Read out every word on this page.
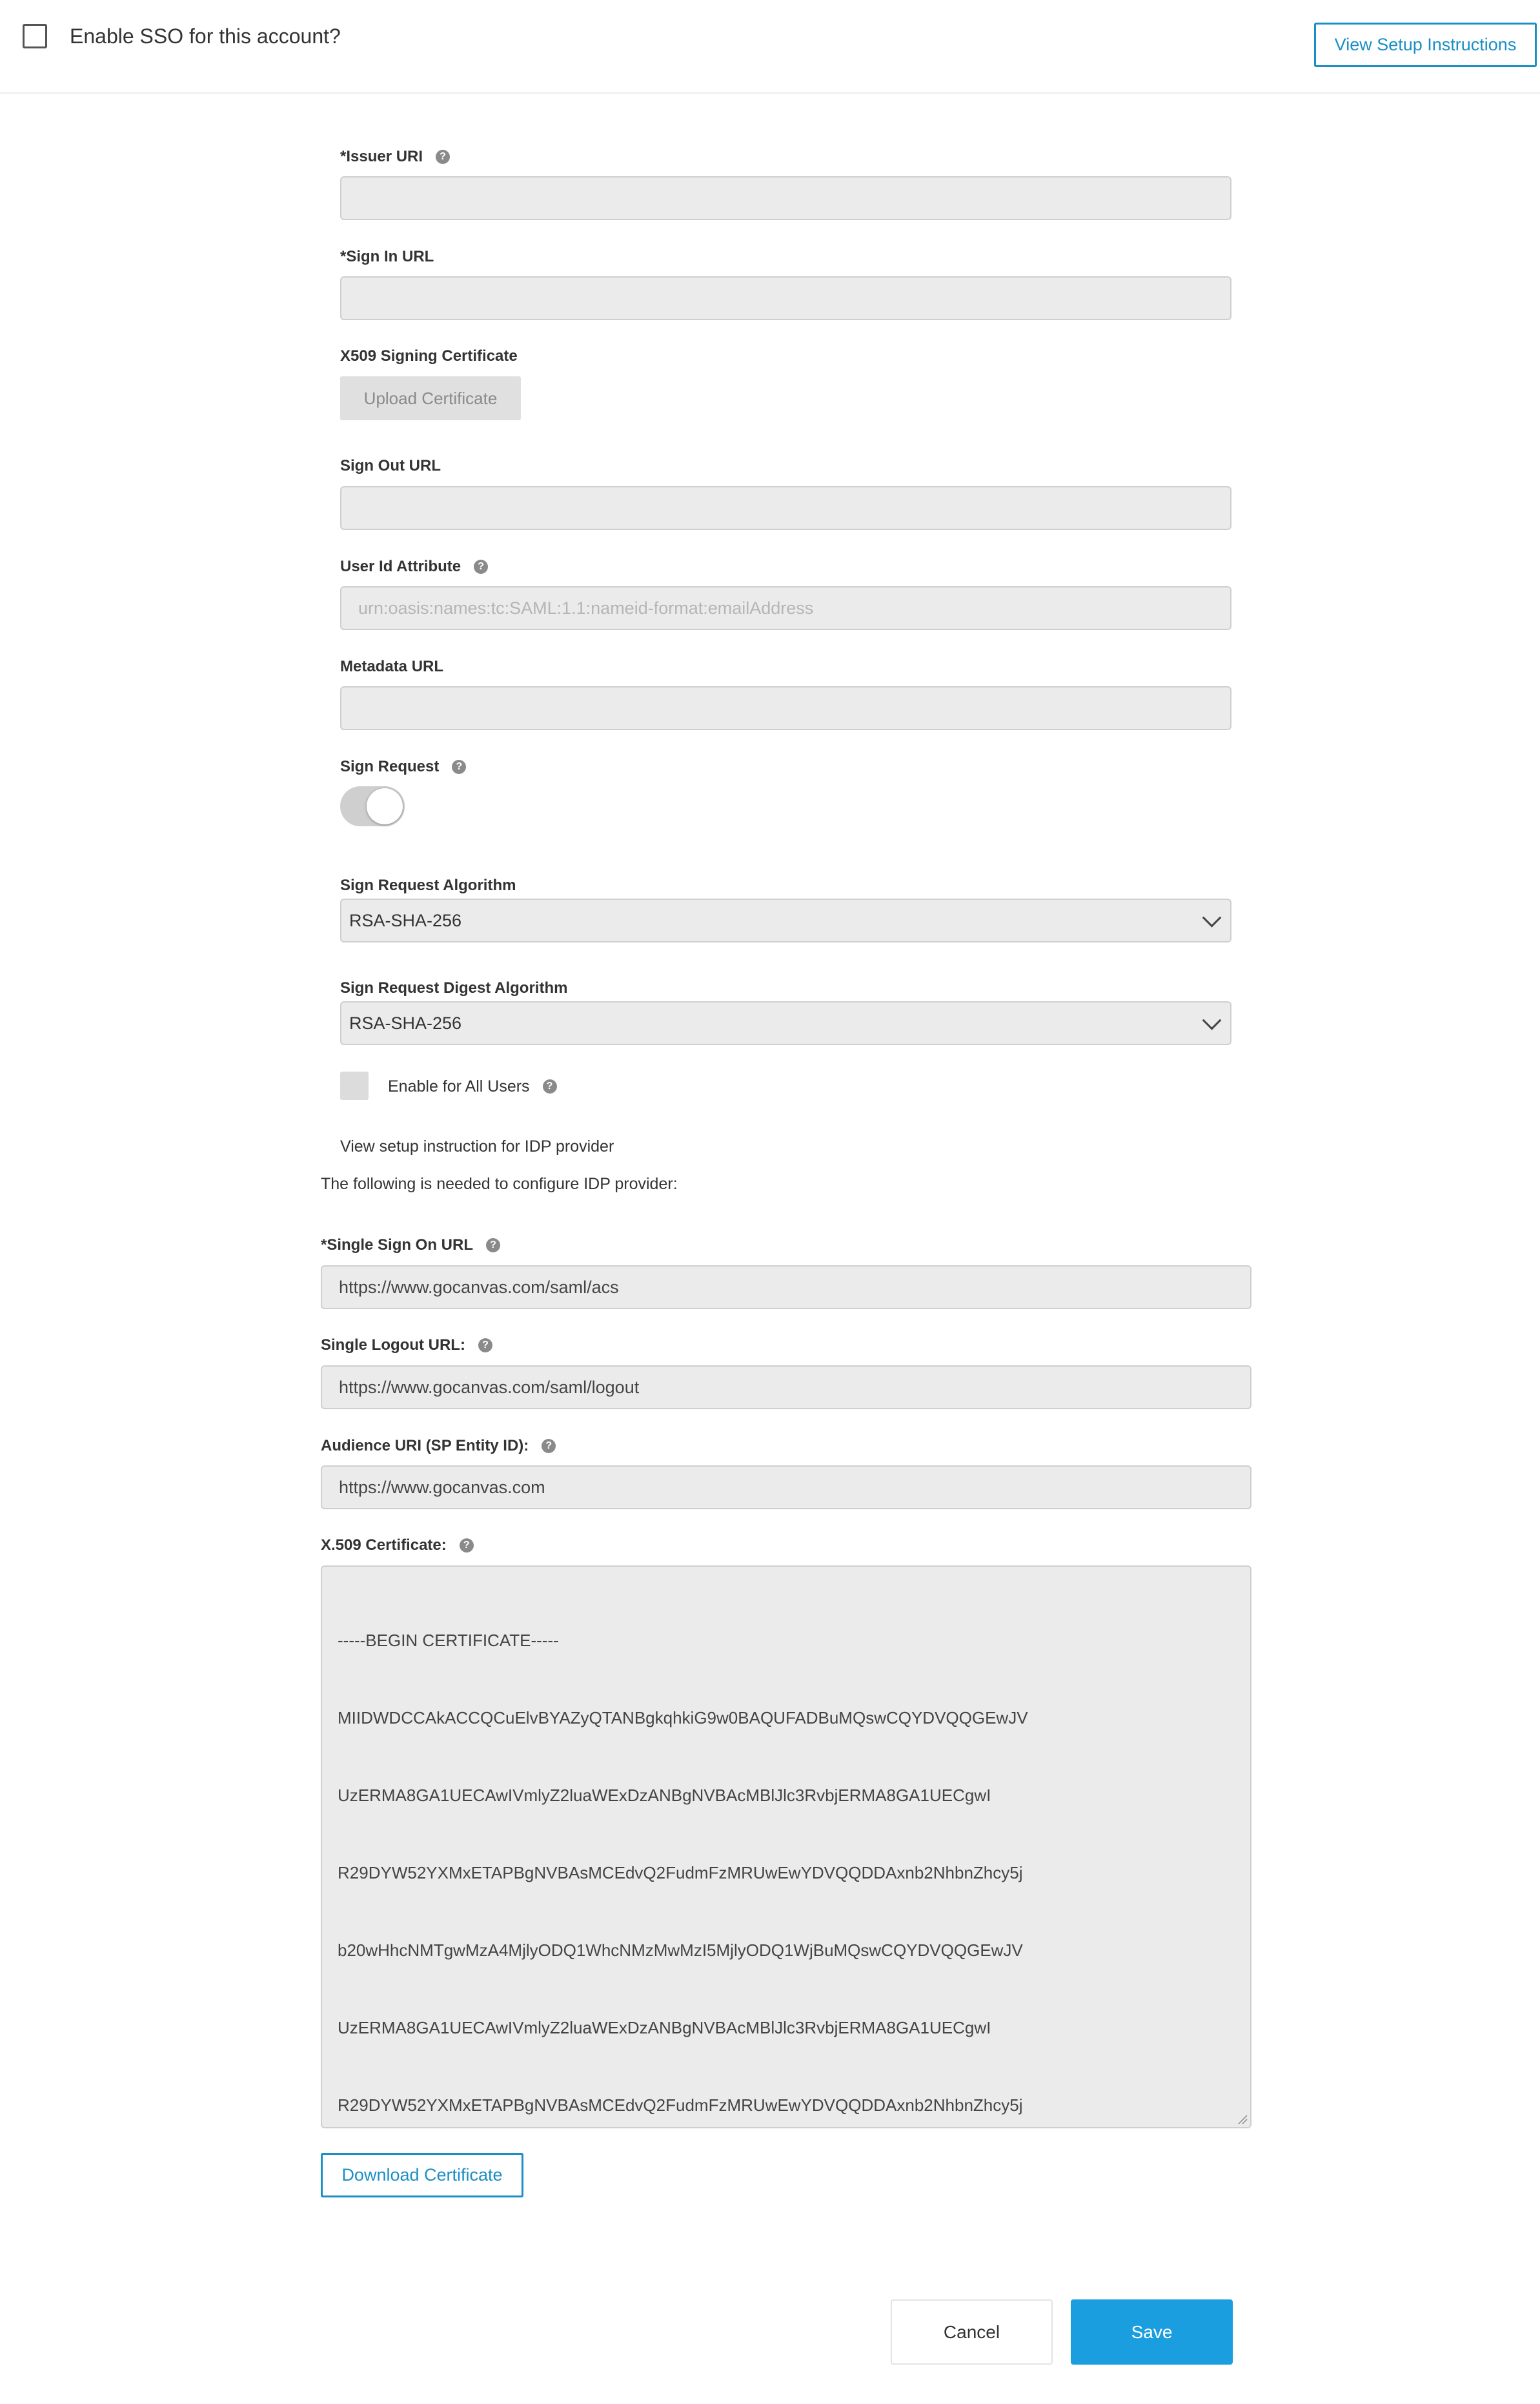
Enable SSO for this account?	View Setup Instructions
*Issuer URI	?
*Sign In URL
X509 Signing Certificate
Upload Certificate
Sign Out URL
User Id Attribute	?
urn:oasis:names:tc:SAML:1.1:nameid-format:emailAddress
Metadata URL
Sign Request	?
Sign Request Algorithm
RSA-SHA-256
Sign Request Digest Algorithm
RSA-SHA-256
Enable for All Users	?
View setup instruction for IDP provider
The following is needed to configure IDP provider:
*Single Sign On URL	?
https://www.gocanvas.com/saml/acs
Single Logout URL:	?
https://www.gocanvas.com/saml/logout
Audience URI (SP Entity ID):	?
https://www.gocanvas.com
X.509 Certificate:	?

-----BEGIN CERTIFICATE-----

MIIDWDCCAkACCQCuElvBYAZyQTANBgkqhkiG9w0BAQUFADBuMQswCQYDVQQGEwJV

UzERMA8GA1UECAwIVmlyZ2luaWExDzANBgNVBAcMBlJlc3RvbjERMA8GA1UECgwI

R29DYW52YXMxETAPBgNVBAsMCEdvQ2FudmFzMRUwEwYDVQQDDAxnb2NhbnZhcy5j

b20wHhcNMTgwMzA4MjlyODQ1WhcNMzMwMzI5MjlyODQ1WjBuMQswCQYDVQQGEwJV

UzERMA8GA1UECAwIVmlyZ2luaWExDzANBgNVBAcMBlJlc3RvbjERMA8GA1UECgwI

R29DYW52YXMxETAPBgNVBAsMCEdvQ2FudmFzMRUwEwYDVQQDDAxnb2NhbnZhcy5j

Download Certificate
Cancel	Save
